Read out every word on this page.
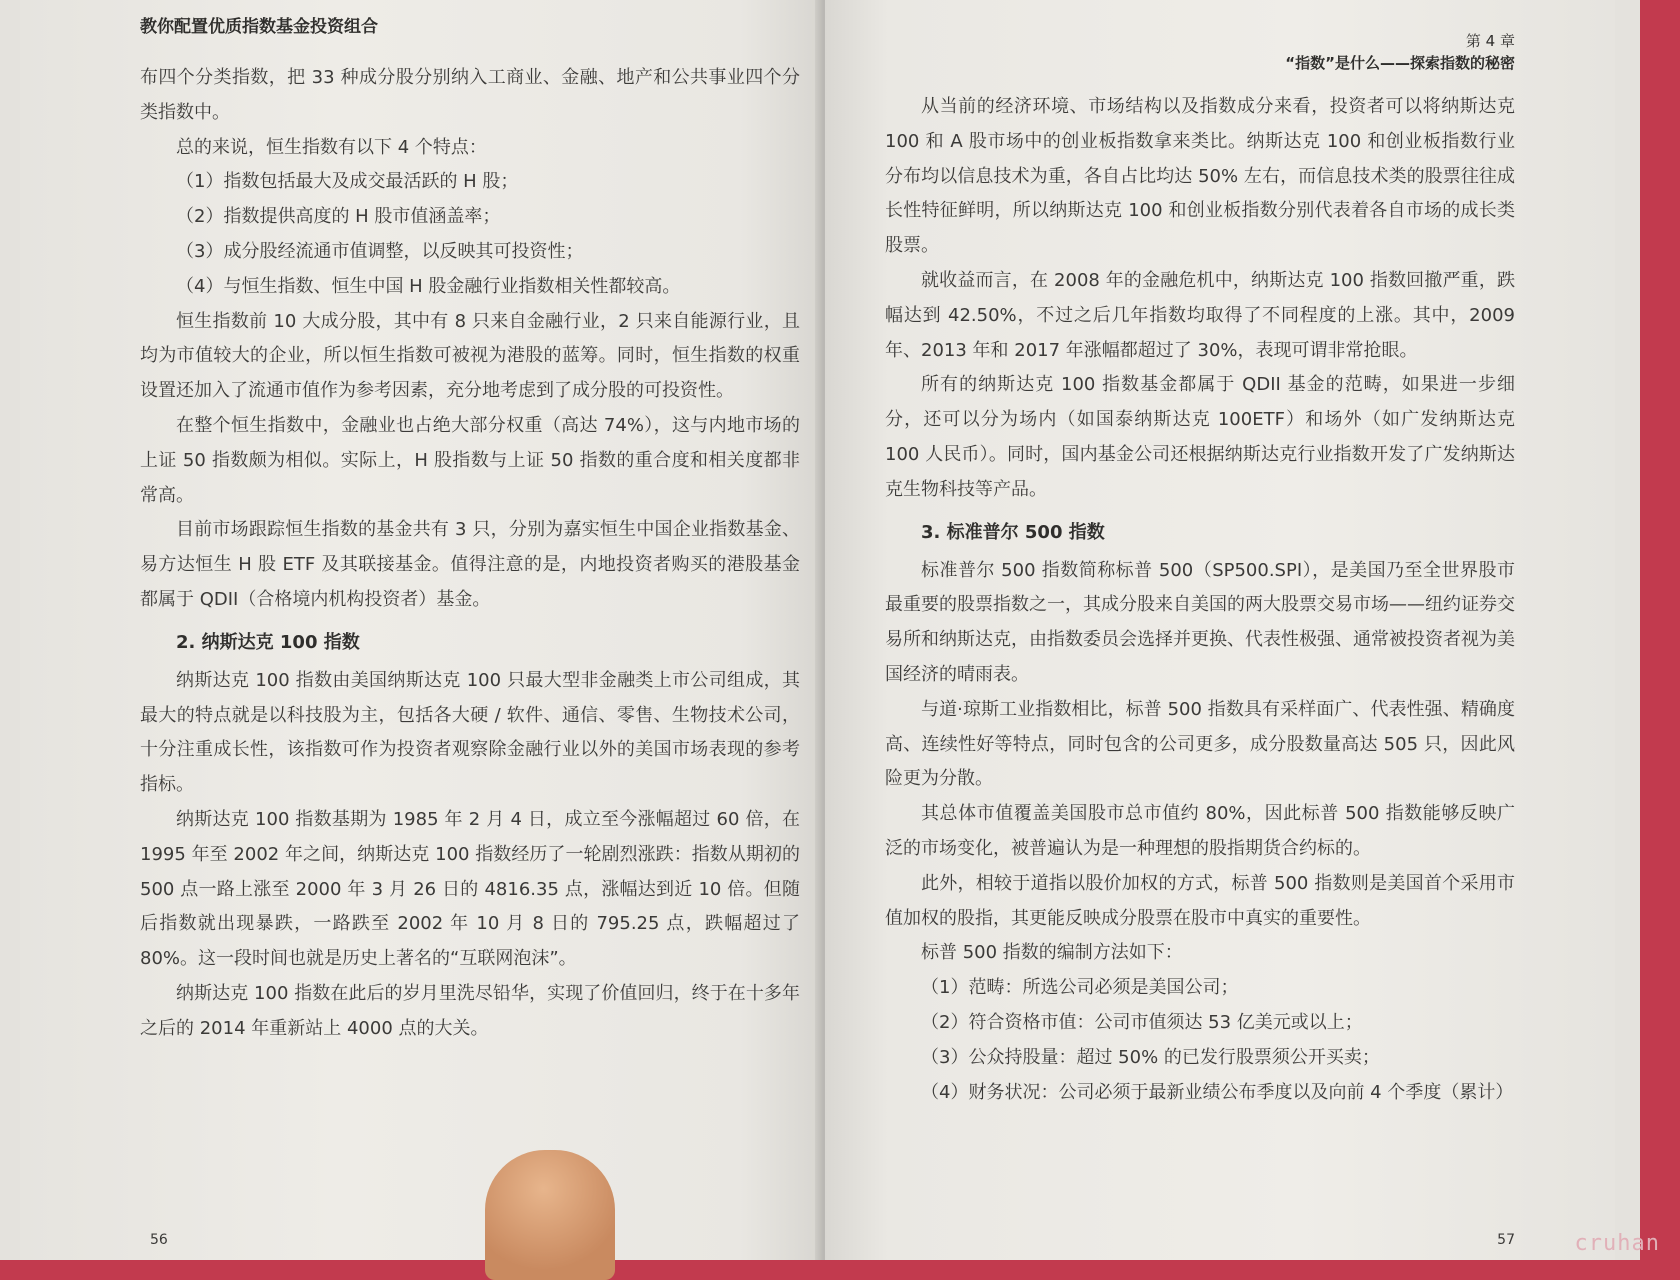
教你配置优质指数基金投资组合

布四个分类指数，把 33 种成分股分别纳入工商业、金融、地产和公共事业四个分类指数中。

总的来说，恒生指数有以下 4 个特点：

（1）指数包括最大及成交最活跃的 H 股；

（2）指数提供高度的 H 股市值涵盖率；

（3）成分股经流通市值调整，以反映其可投资性；

（4）与恒生指数、恒生中国 H 股金融行业指数相关性都较高。

恒生指数前 10 大成分股，其中有 8 只来自金融行业，2 只来自能源行业，且均为市值较大的企业，所以恒生指数可被视为港股的蓝筹。同时，恒生指数的权重设置还加入了流通市值作为参考因素，充分地考虑到了成分股的可投资性。

在整个恒生指数中，金融业也占绝大部分权重（高达 74%），这与内地市场的上证 50 指数颇为相似。实际上，H 股指数与上证 50 指数的重合度和相关度都非常高。

目前市场跟踪恒生指数的基金共有 3 只，分别为嘉实恒生中国企业指数基金、易方达恒生 H 股 ETF 及其联接基金。值得注意的是，内地投资者购买的港股基金都属于 QDII（合格境内机构投资者）基金。

2. 纳斯达克 100 指数

纳斯达克 100 指数由美国纳斯达克 100 只最大型非金融类上市公司组成，其最大的特点就是以科技股为主，包括各大硬 / 软件、通信、零售、生物技术公司，十分注重成长性，该指数可作为投资者观察除金融行业以外的美国市场表现的参考指标。

纳斯达克 100 指数基期为 1985 年 2 月 4 日，成立至今涨幅超过 60 倍，在 1995 年至 2002 年之间，纳斯达克 100 指数经历了一轮剧烈涨跌：指数从期初的 500 点一路上涨至 2000 年 3 月 26 日的 4816.35 点，涨幅达到近 10 倍。但随后指数就出现暴跌，一路跌至 2002 年 10 月 8 日的 795.25 点，跌幅超过了 80%。这一段时间也就是历史上著名的“互联网泡沫”。

纳斯达克 100 指数在此后的岁月里洗尽铅华，实现了价值回归，终于在十多年之后的 2014 年重新站上 4000 点的大关。

56
第 4 章
“指数”是什么——探索指数的秘密

从当前的经济环境、市场结构以及指数成分来看，投资者可以将纳斯达克 100 和 A 股市场中的创业板指数拿来类比。纳斯达克 100 和创业板指数行业分布均以信息技术为重，各自占比均达 50% 左右，而信息技术类的股票往往成长性特征鲜明，所以纳斯达克 100 和创业板指数分别代表着各自市场的成长类股票。

就收益而言，在 2008 年的金融危机中，纳斯达克 100 指数回撤严重，跌幅达到 42.50%，不过之后几年指数均取得了不同程度的上涨。其中，2009 年、2013 年和 2017 年涨幅都超过了 30%，表现可谓非常抢眼。

所有的纳斯达克 100 指数基金都属于 QDII 基金的范畴，如果进一步细分，还可以分为场内（如国泰纳斯达克 100ETF）和场外（如广发纳斯达克 100 人民币）。同时，国内基金公司还根据纳斯达克行业指数开发了广发纳斯达克生物科技等产品。

3. 标准普尔 500 指数

标准普尔 500 指数简称标普 500（SP500.SPI），是美国乃至全世界股市最重要的股票指数之一，其成分股来自美国的两大股票交易市场——纽约证券交易所和纳斯达克，由指数委员会选择并更换、代表性极强、通常被投资者视为美国经济的晴雨表。

与道·琼斯工业指数相比，标普 500 指数具有采样面广、代表性强、精确度高、连续性好等特点，同时包含的公司更多，成分股数量高达 505 只，因此风险更为分散。

其总体市值覆盖美国股市总市值约 80%，因此标普 500 指数能够反映广泛的市场变化，被普遍认为是一种理想的股指期货合约标的。

此外，相较于道指以股价加权的方式，标普 500 指数则是美国首个采用市值加权的股指，其更能反映成分股票在股市中真实的重要性。

标普 500 指数的编制方法如下：

（1）范畴：所选公司必须是美国公司；

（2）符合资格市值：公司市值须达 53 亿美元或以上；

（3）公众持股量：超过 50% 的已发行股票须公开买卖；

（4）财务状况：公司必须于最新业绩公布季度以及向前 4 个季度（累计）

57	cruhan
